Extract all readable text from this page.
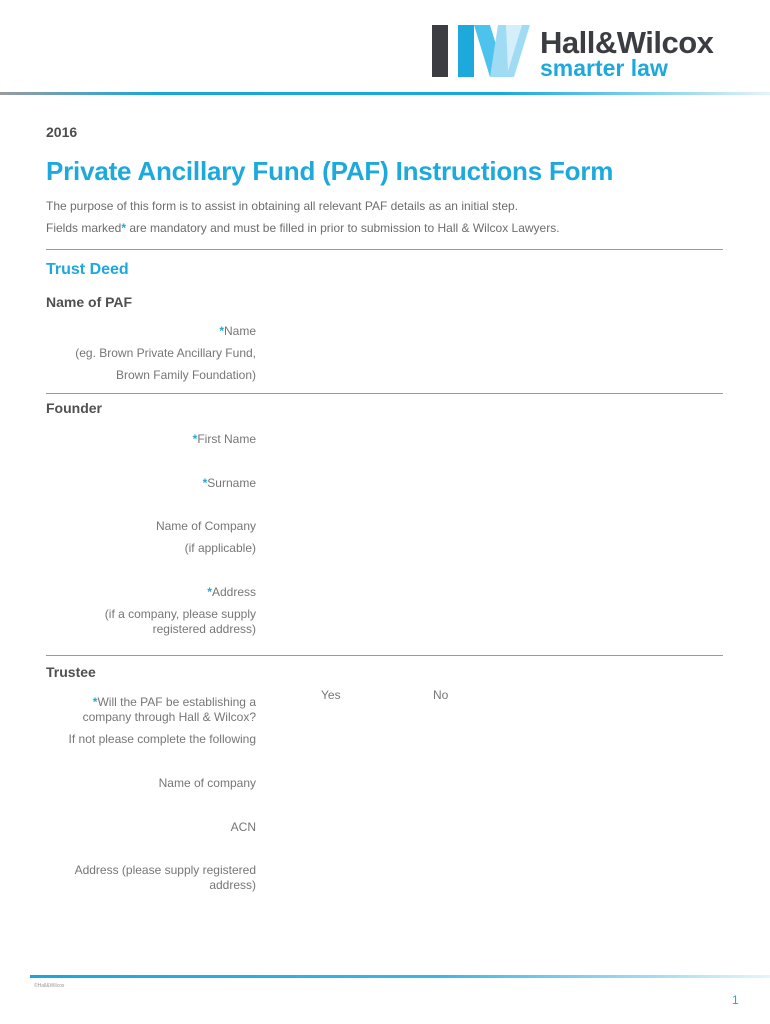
Hall&Wilcox
smarter law
2016
Private Ancillary Fund (PAF) Instructions Form
The purpose of this form is to assist in obtaining all relevant PAF details as an initial step.
Fields marked* are mandatory and must be filled in prior to submission to Hall & Wilcox Lawyers.
Trust Deed
Name of PAF
*Name
(eg. Brown Private Ancillary Fund,
Brown Family Foundation)
Founder
*First Name
*Surname
Name of Company
(if applicable)
*Address
(if a company, please supply
registered address)
Trustee
*Will the PAF be establishing a
company through Hall & Wilcox?
Yes	No
If not please complete the following
Name of company
ACN
Address (please supply registered
address)
©Hall&Wilcox
1
